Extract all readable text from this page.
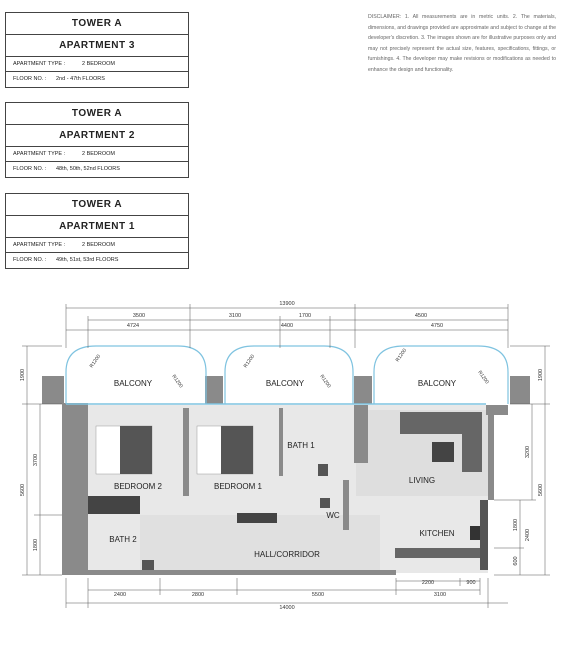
TOWER A
APARTMENT 3
APARTMENT TYPE :	2 BEDROOM
FLOOR NO. : 2nd - 47th FLOORS
TOWER A
APARTMENT 2
APARTMENT TYPE :	2 BEDROOM
FLOOR NO. : 48th, 50th, 52nd FLOORS
TOWER A
APARTMENT 1
APARTMENT TYPE :	2 BEDROOM
FLOOR NO. : 49th, 51st, 53rd FLOORS
DISCLAIMER: 1. All measurements are in metric units. 2. The materials, dimensions, and drawings provided are approximate and subject to change at the developer's discretion. 3. The images shown are for illustrative purposes only and may not precisely represent the actual size, features, specifications, fittings, or furnishings. 4. The developer may make revisions or modifications as needed to enhance the design and functionality.
BALCONY	BALCONY	BALCONY
BEDROOM 2	BEDROOM 1
BATH 1
LIVING
WC
BATH 2
KITCHEN
HALL/CORRIDOR
R1200
R1200
R1200
R1200
R1200
R1200
13900
3500	3100	1700	4500
4724	4400	4750
1900
3700
5600
1800
1900
3200
5600
1800
2400
600
2400	2800	5500	3100
2200	900
14000
